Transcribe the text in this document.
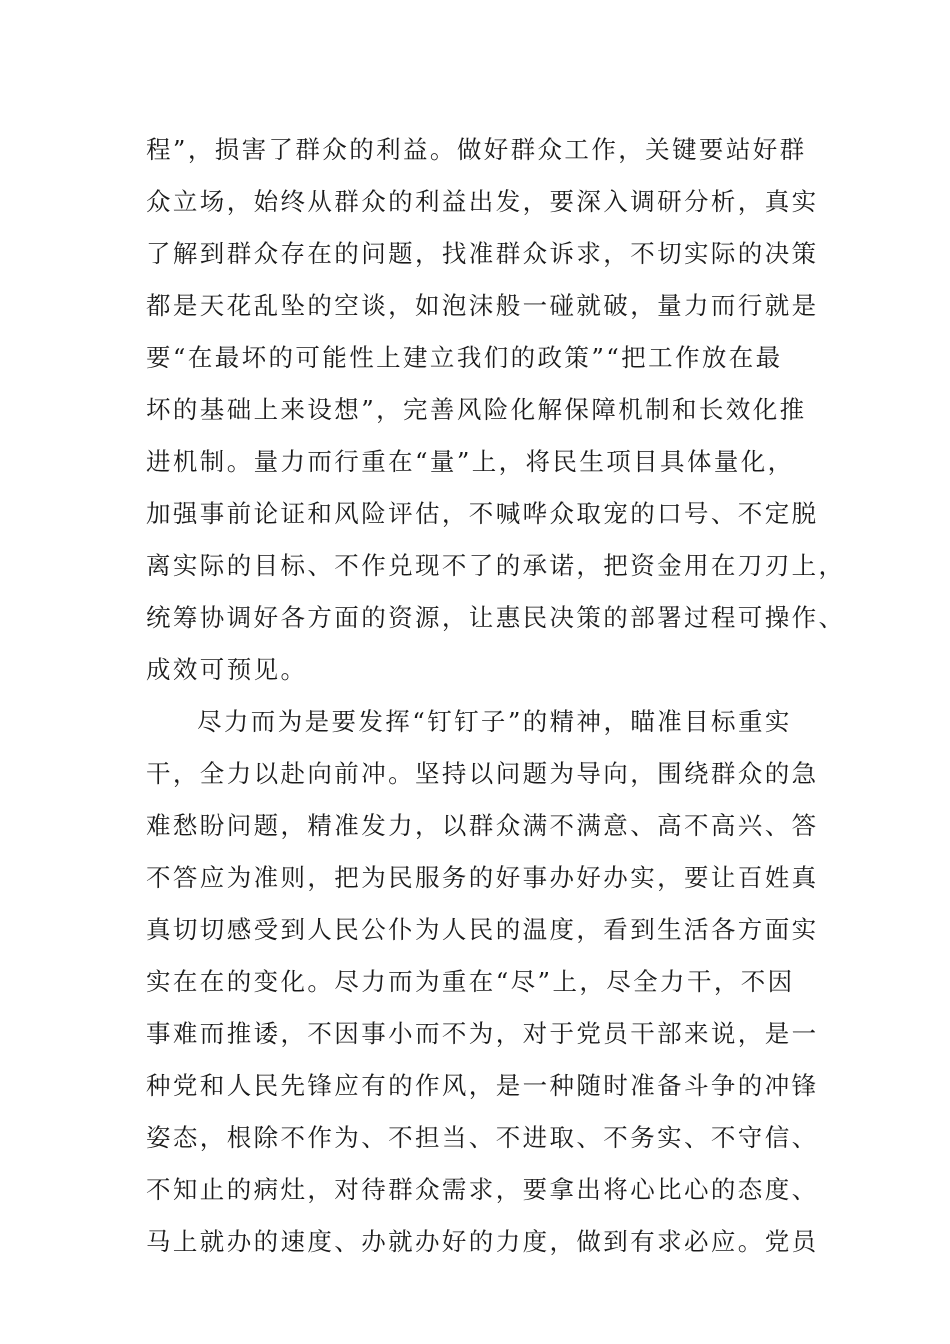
程”，损害了群众的利益。做好群众工作，关键要站好群
众立场，始终从群众的利益出发，要深入调研分析，真实
了解到群众存在的问题，找准群众诉求，不切实际的决策
都是天花乱坠的空谈，如泡沫般一碰就破，量力而行就是
要“在最坏的可能性上建立我们的政策”“把工作放在最
坏的基础上来设想”，完善风险化解保障机制和长效化推
进机制。量力而行重在“量”上，将民生项目具体量化，
加强事前论证和风险评估，不喊哗众取宠的口号、不定脱
离实际的目标、不作兑现不了的承诺，把资金用在刀刃上，
统筹协调好各方面的资源，让惠民决策的部署过程可操作、
成效可预见。
尽力而为是要发挥“钉钉子”的精神，瞄准目标重实
干，全力以赴向前冲。坚持以问题为导向，围绕群众的急
难愁盼问题，精准发力，以群众满不满意、高不高兴、答
不答应为准则，把为民服务的好事办好办实，要让百姓真
真切切感受到人民公仆为人民的温度，看到生活各方面实
实在在的变化。尽力而为重在“尽”上，尽全力干，不因
事难而推诿，不因事小而不为，对于党员干部来说，是一
种党和人民先锋应有的作风，是一种随时准备斗争的冲锋
姿态，根除不作为、不担当、不进取、不务实、不守信、
不知止的病灶，对待群众需求，要拿出将心比心的态度、
马上就办的速度、办就办好的力度，做到有求必应。党员
